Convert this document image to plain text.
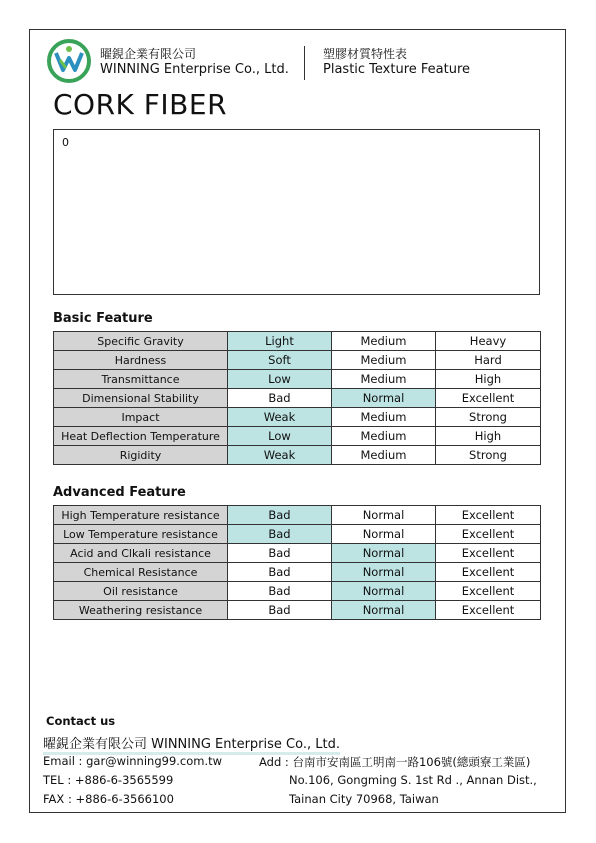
曜鋧企業有限公司
WINNING Enterprise Co., Ltd.
塑膠材質特性表
Plastic Texture Feature
CORK FIBER
0
Basic Feature
Specific Gravity	Light	Medium	Heavy
Hardness	Soft	Medium	Hard
Transmittance	Low	Medium	High
Dimensional Stability	Bad	Normal	Excellent
Impact	Weak	Medium	Strong
Heat Deflection Temperature	Low	Medium	High
Rigidity	Weak	Medium	Strong
Advanced Feature
High Temperature resistance	Bad	Normal	Excellent
Low Temperature resistance	Bad	Normal	Excellent
Acid and Clkali resistance	Bad	Normal	Excellent
Chemical Resistance	Bad	Normal	Excellent
Oil resistance	Bad	Normal	Excellent
Weathering resistance	Bad	Normal	Excellent
Contact us
曜鋧企業有限公司 WINNING Enterprise Co., Ltd.
Email : gar@winning99.com.tw
TEL : +886-6-3565599
FAX : +886-6-3566100
Add : 台南市安南區工明南一路106號(總頭寮工業區)
No.106, Gongming S. 1st Rd ., Annan Dist.,
Tainan City 70968, Taiwan
